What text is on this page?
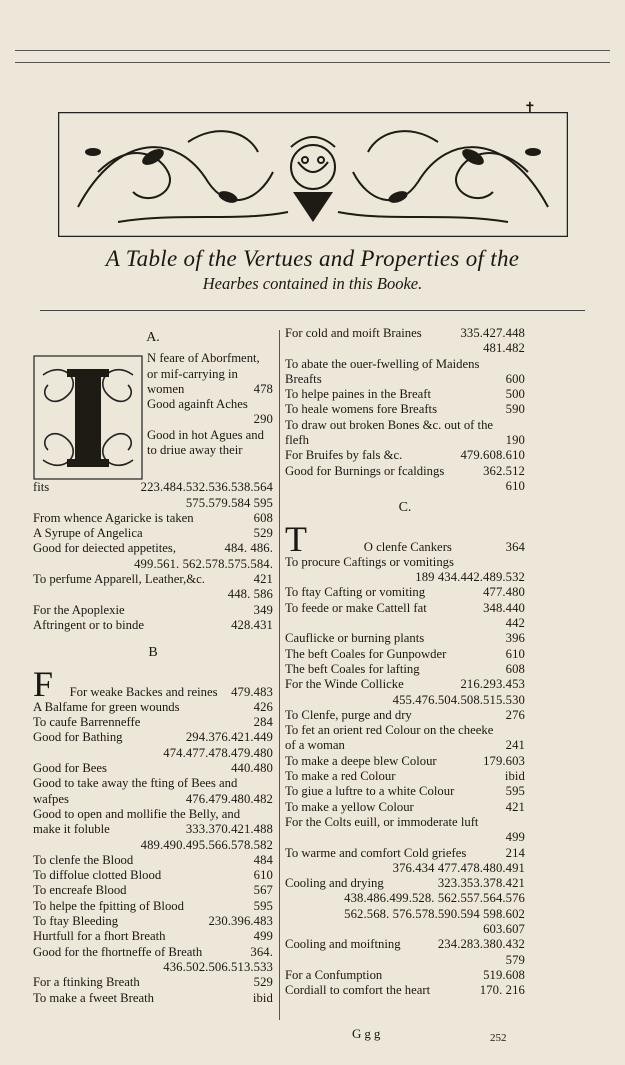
✝
A Table of the Vertues and Properties of the
Hearbes contained in this Booke.
A.
N feare of Aborfment,
or mif-carrying in
women	478
Good againft Aches
290
Good in hot Agues and
to driue away their
fits	223.484.532.536.538.564
575.579.584 595
From whence Agaricke is taken	608
A Syrupe of Angelica	529
Good for deiected appetites,	484. 486.
499.561. 562.578.575.584.
To perfume Apparell, Leather,&c.	421
448. 586
For the Apoplexie	349
Aftringent or to binde	428.431
B
F For weake Backes and reines 479.483
A Balfame for green wounds	426
To caufe Barrenneffe	284
Good for Bathing	294.376.421.449
474.477.478.479.480
Good for Bees	440.480
Good to take away the fting of Bees and
wafpes	476.479.480.482
Good to open and mollifie the Belly, and
make it foluble	333.370.421.488
489.490.495.566.578.582
To clenfe the Blood	484
To diffolue clotted Blood	610
To encreafe Blood	567
To helpe the fpitting of Blood	595
To ftay Bleeding	230.396.483
Hurtfull for a fhort Breath	499
Good for the fhortneffe of Breath	364.
436.502.506.513.533
For a ftinking Breath	529
To make a fweet Breath	ibid
For cold and moift Braines	335.427.448
481.482
To abate the ouer-fwelling of Maidens
Breafts	600
To helpe paines in the Breaft	500
To heale womens fore Breafts	590
To draw out broken Bones &c. out of the
flefh	190
For Bruifes by fals &c.	479.608.610
Good for Burnings or fcaldings	362.512
610
C.
T	O clenfe Cankers	364
To procure Caftings or vomitings
189 434.442.489.532
To ftay Cafting or vomiting	477.480
To feede or make Cattell fat	348.440
442
Cauflicke or burning plants	396
The beft Coales for Gunpowder	610
The beft Coales for lafting	608
For the Winde Collicke	216.293.453
455.476.504.508.515.530
To Clenfe, purge and dry	276
To fet an orient red Colour on the cheeke
of a woman	241
To make a deepe blew Colour	179.603
To make a red Colour	ibid
To giue a luftre to a white Colour	595
To make a yellow Colour	421
For the Colts euill, or immoderate luft
499
To warme and comfort Cold griefes	214
376.434 477.478.480.491
Cooling and drying	323.353.378.421
438.486.499.528. 562.557.564.576
562.568. 576.578.590.594 598.602
603.607
Cooling and moiftning	234.283.380.432
579
For a Confumption	519.608
Cordiall to comfort the heart	170. 216
Ggg	252
